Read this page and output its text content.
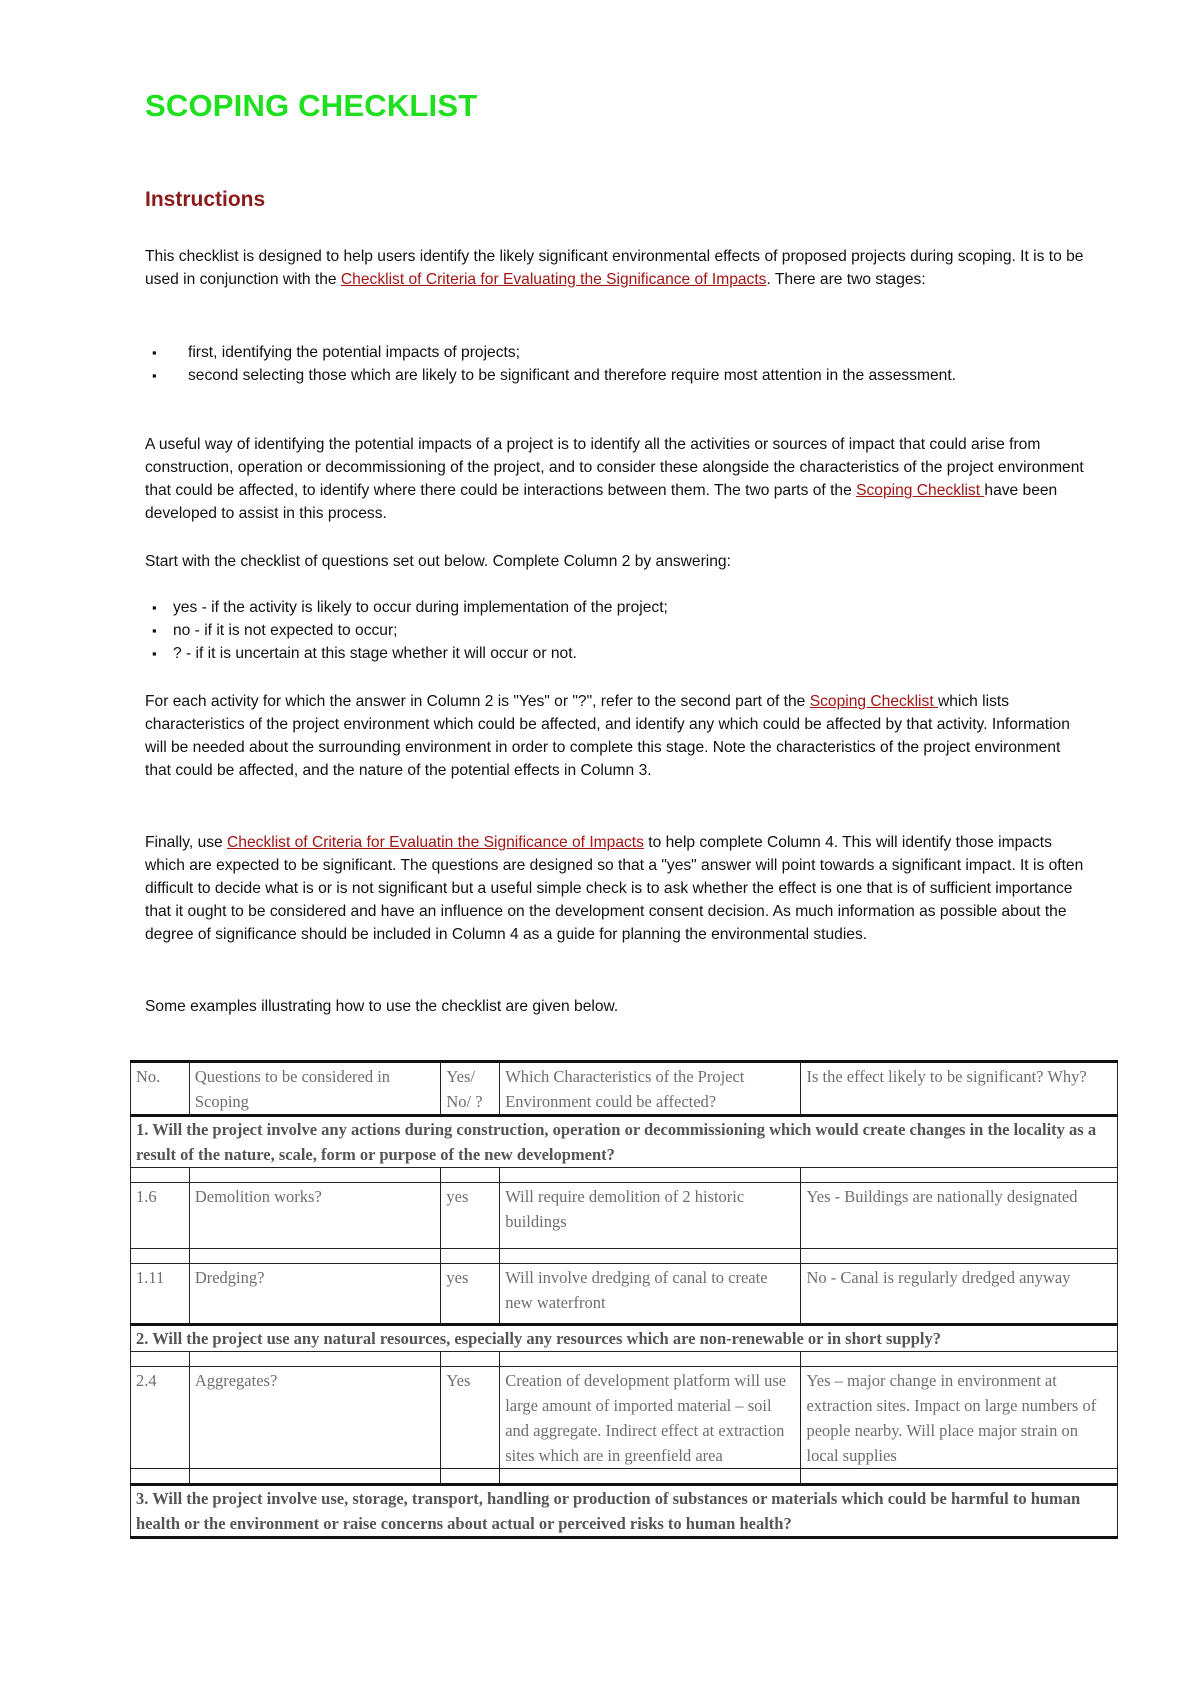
SCOPING CHECKLIST
Instructions

This checklist is designed to help users identify the likely significant environmental effects of proposed projects during scoping. It is to be used in conjunction with the Checklist of Criteria for Evaluating the Significance of Impacts. There are two stages:

▪ first, identifying the potential impacts of projects;
▪ second selecting those which are likely to be significant and therefore require most attention in the assessment.

A useful way of identifying the potential impacts of a project is to identify all the activities or sources of impact that could arise from construction, operation or decommissioning of the project, and to consider these alongside the characteristics of the project environment that could be affected, to identify where there could be interactions between them. The two parts of the Scoping Checklist have been developed to assist in this process.

Start with the checklist of questions set out below. Complete Column 2 by answering:

▪ yes - if the activity is likely to occur during implementation of the project;
▪ no - if it is not expected to occur;
▪ ? - if it is uncertain at this stage whether it will occur or not.

For each activity for which the answer in Column 2 is "Yes" or "?", refer to the second part of the Scoping Checklist which lists characteristics of the project environment which could be affected, and identify any which could be affected by that activity. Information will be needed about the surrounding environment in order to complete this stage. Note the characteristics of the project environment that could be affected, and the nature of the potential effects in Column 3.

Finally, use Checklist of Criteria for Evaluatin the Significance of Impacts to help complete Column 4. This will identify those impacts which are expected to be significant. The questions are designed so that a "yes" answer will point towards a significant impact. It is often difficult to decide what is or is not significant but a useful simple check is to ask whether the effect is one that is of sufficient importance that it ought to be considered and have an influence on the development consent decision. As much information as possible about the degree of significance should be included in Column 4 as a guide for planning the environmental studies.

Some examples illustrating how to use the checklist are given below.

No.	Questions to be considered in Scoping	Yes/ No/ ?	Which Characteristics of the Project Environment could be affected?	Is the effect likely to be significant? Why?
1. Will the project involve any actions during construction, operation or decommissioning which would create changes in the locality as a result of the nature, scale, form or purpose of the new development?				

1.6	Demolition works?	yes	Will require demolition of 2 historic buildings	Yes - Buildings are nationally designated

1.11	Dredging?	yes	Will involve dredging of canal to create new waterfront	No - Canal is regularly dredged anyway
2. Will the project use any natural resources, especially any resources which are non-renewable or in short supply?				

2.4	Aggregates?	Yes	Creation of development platform will use large amount of imported material – soil and aggregate. Indirect effect at extraction sites which are in greenfield area	Yes – major change in environment at extraction sites. Impact on large numbers of people nearby. Will place major strain on local supplies

3. Will the project involve use, storage, transport, handling or production of substances or materials which could be harmful to human health or the environment or raise concerns about actual or perceived risks to human health?				
